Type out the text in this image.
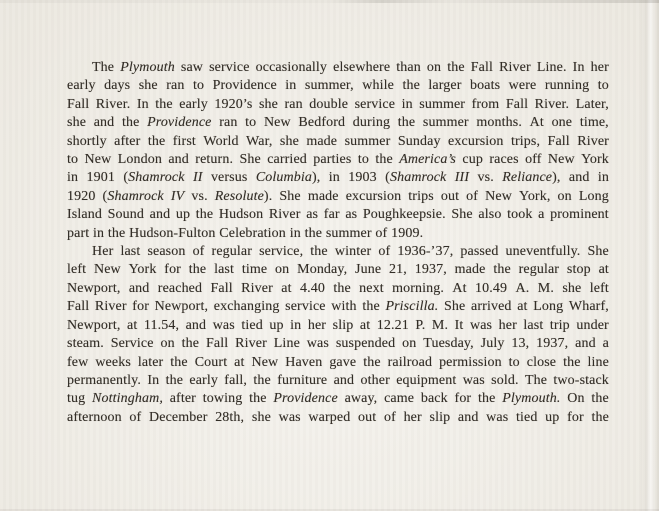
The Plymouth saw service occasionally elsewhere than on the Fall River Line. In her
early days she ran to Providence in summer, while the larger boats were running to
Fall River. In the early 1920’s she ran double service in summer from Fall River. Later,
she and the Providence ran to New Bedford during the summer months. At one time,
shortly after the first World War, she made summer Sunday excursion trips, Fall River
to New London and return. She carried parties to the America’s cup races off New York
in 1901 (Shamrock II versus Columbia), in 1903 (Shamrock III vs. Reliance), and in
1920 (Shamrock IV vs. Resolute). She made excursion trips out of New York, on Long
Island Sound and up the Hudson River as far as Poughkeepsie. She also took a prominent
part in the Hudson-Fulton Celebration in the summer of 1909.
Her last season of regular service, the winter of 1936-’37, passed uneventfully. She
left New York for the last time on Monday, June 21, 1937, made the regular stop at
Newport, and reached Fall River at 4.40 the next morning. At 10.49 A. M. she left
Fall River for Newport, exchanging service with the Priscilla. She arrived at Long Wharf,
Newport, at 11.54, and was tied up in her slip at 12.21 P. M. It was her last trip under
steam. Service on the Fall River Line was suspended on Tuesday, July 13, 1937, and a
few weeks later the Court at New Haven gave the railroad permission to close the line
permanently. In the early fall, the furniture and other equipment was sold. The two-stack
tug Nottingham, after towing the Providence away, came back for the Plymouth. On the
afternoon of December 28th, she was warped out of her slip and was tied up for the
